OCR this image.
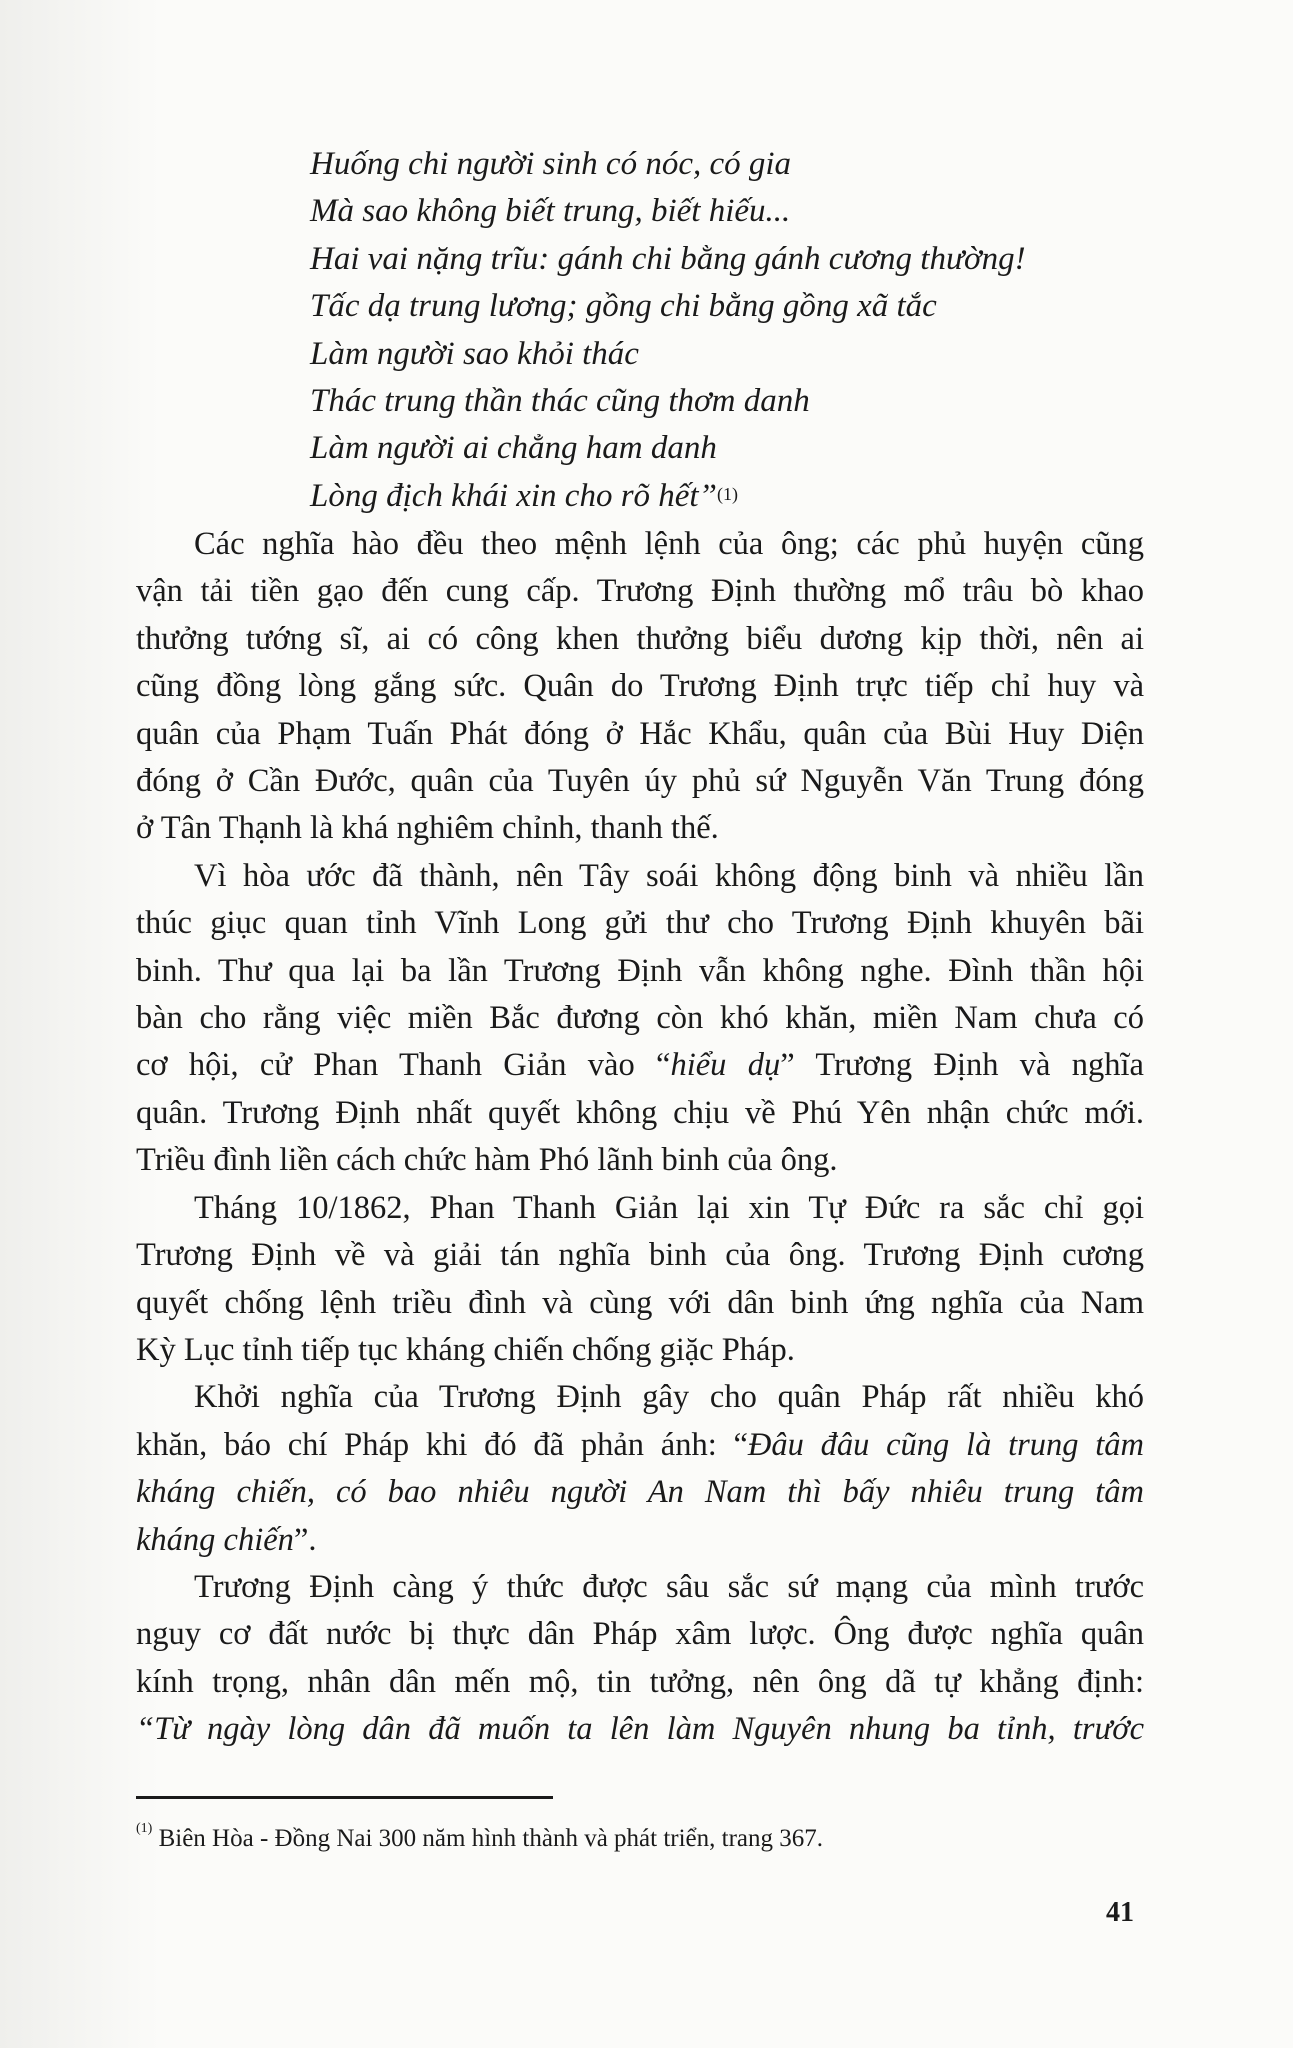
Huống chi người sinh có nóc, có gia
Mà sao không biết trung, biết hiếu...
Hai vai nặng trĩu: gánh chi bằng gánh cương thường!
Tấc dạ trung lương; gồng chi bằng gồng xã tắc
Làm người sao khỏi thác
Thác trung thần thác cũng thơm danh
Làm người ai chẳng ham danh
Lòng địch khái xin cho rõ hết”$^{(1)}$
Các nghĩa hào đều theo mệnh lệnh của ông; các phủ huyện cũng
vận tải tiền gạo đến cung cấp. Trương Định thường mổ trâu bò khao
thưởng tướng sĩ, ai có công khen thưởng biểu dương kịp thời, nên ai
cũng đồng lòng gắng sức. Quân do Trương Định trực tiếp chỉ huy và
quân của Phạm Tuấn Phát đóng ở Hắc Khẩu, quân của Bùi Huy Diện
đóng ở Cần Đước, quân của Tuyên úy phủ sứ Nguyễn Văn Trung đóng
ở Tân Thạnh là khá nghiêm chỉnh, thanh thế.
Vì hòa ước đã thành, nên Tây soái không động binh và nhiều lần
thúc giục quan tỉnh Vĩnh Long gửi thư cho Trương Định khuyên bãi
binh. Thư qua lại ba lần Trương Định vẫn không nghe. Đình thần hội
bàn cho rằng việc miền Bắc đương còn khó khăn, miền Nam chưa có
cơ hội, cử Phan Thanh Giản vào “hiểu dụ” Trương Định và nghĩa
quân. Trương Định nhất quyết không chịu về Phú Yên nhận chức mới.
Triều đình liền cách chức hàm Phó lãnh binh của ông.
Tháng 10/1862, Phan Thanh Giản lại xin Tự Đức ra sắc chỉ gọi
Trương Định về và giải tán nghĩa binh của ông. Trương Định cương
quyết chống lệnh triều đình và cùng với dân binh ứng nghĩa của Nam
Kỳ Lục tỉnh tiếp tục kháng chiến chống giặc Pháp.
Khởi nghĩa của Trương Định gây cho quân Pháp rất nhiều khó
khăn, báo chí Pháp khi đó đã phản ánh: “Đâu đâu cũng là trung tâm
kháng chiến, có bao nhiêu người An Nam thì bấy nhiêu trung tâm
kháng chiến”.
Trương Định càng ý thức được sâu sắc sứ mạng của mình trước
nguy cơ đất nước bị thực dân Pháp xâm lược. Ông được nghĩa quân
kính trọng, nhân dân mến mộ, tin tưởng, nên ông dã tự khẳng định:
“Từ ngày lòng dân đã muốn ta lên làm Nguyên nhung ba tỉnh, trước
$^{(1)}$ Biên Hòa - Đồng Nai 300 năm hình thành và phát triển, trang 367.
41
